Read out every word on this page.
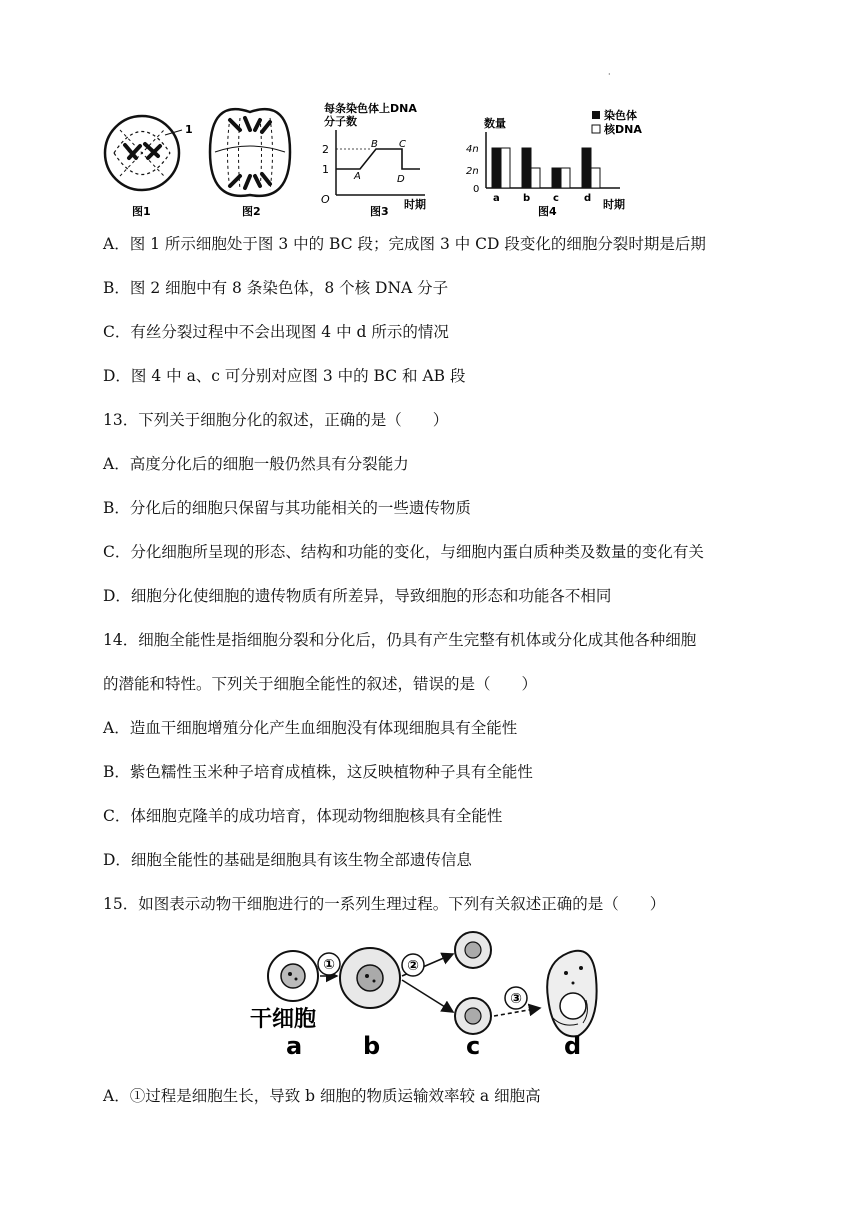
·
1
图1	图2
每条染色体上DNA
分子数
2
1
O
A
B C
D
时期
图3
数量
4n
2n
0
a b c	d 时期
图4
染色体
核DNA
A．图 1 所示细胞处于图 3 中的 BC 段；完成图 3 中 CD 段变化的细胞分裂时期是后期
B．图 2 细胞中有 8 条染色体，8 个核 DNA 分子
C．有丝分裂过程中不会出现图 4 中 d 所示的情况
D．图 4 中 a、c 可分别对应图 3 中的 BC 和 AB 段
13．下列关于细胞分化的叙述，正确的是（　　）
A．高度分化后的细胞一般仍然具有分裂能力
B．分化后的细胞只保留与其功能相关的一些遗传物质
C．分化细胞所呈现的形态、结构和功能的变化，与细胞内蛋白质种类及数量的变化有关
D．细胞分化使细胞的遗传物质有所差异，导致细胞的形态和功能各不相同
14．细胞全能性是指细胞分裂和分化后，仍具有产生完整有机体或分化成其他各种细胞
的潜能和特性。下列关于细胞全能性的叙述，错误的是（　　）
A．造血干细胞增殖分化产生血细胞没有体现细胞具有全能性
B．紫色糯性玉米种子培育成植株，这反映植物种子具有全能性
C．体细胞克隆羊的成功培育，体现动物细胞核具有全能性
D．细胞全能性的基础是细胞具有该生物全部遗传信息
15．如图表示动物干细胞进行的一系列生理过程。下列有关叙述正确的是（　　）
①	②
③
干细胞
a	b	c	d
A．①过程是细胞生长，导致 b 细胞的物质运输效率较 a 细胞高
